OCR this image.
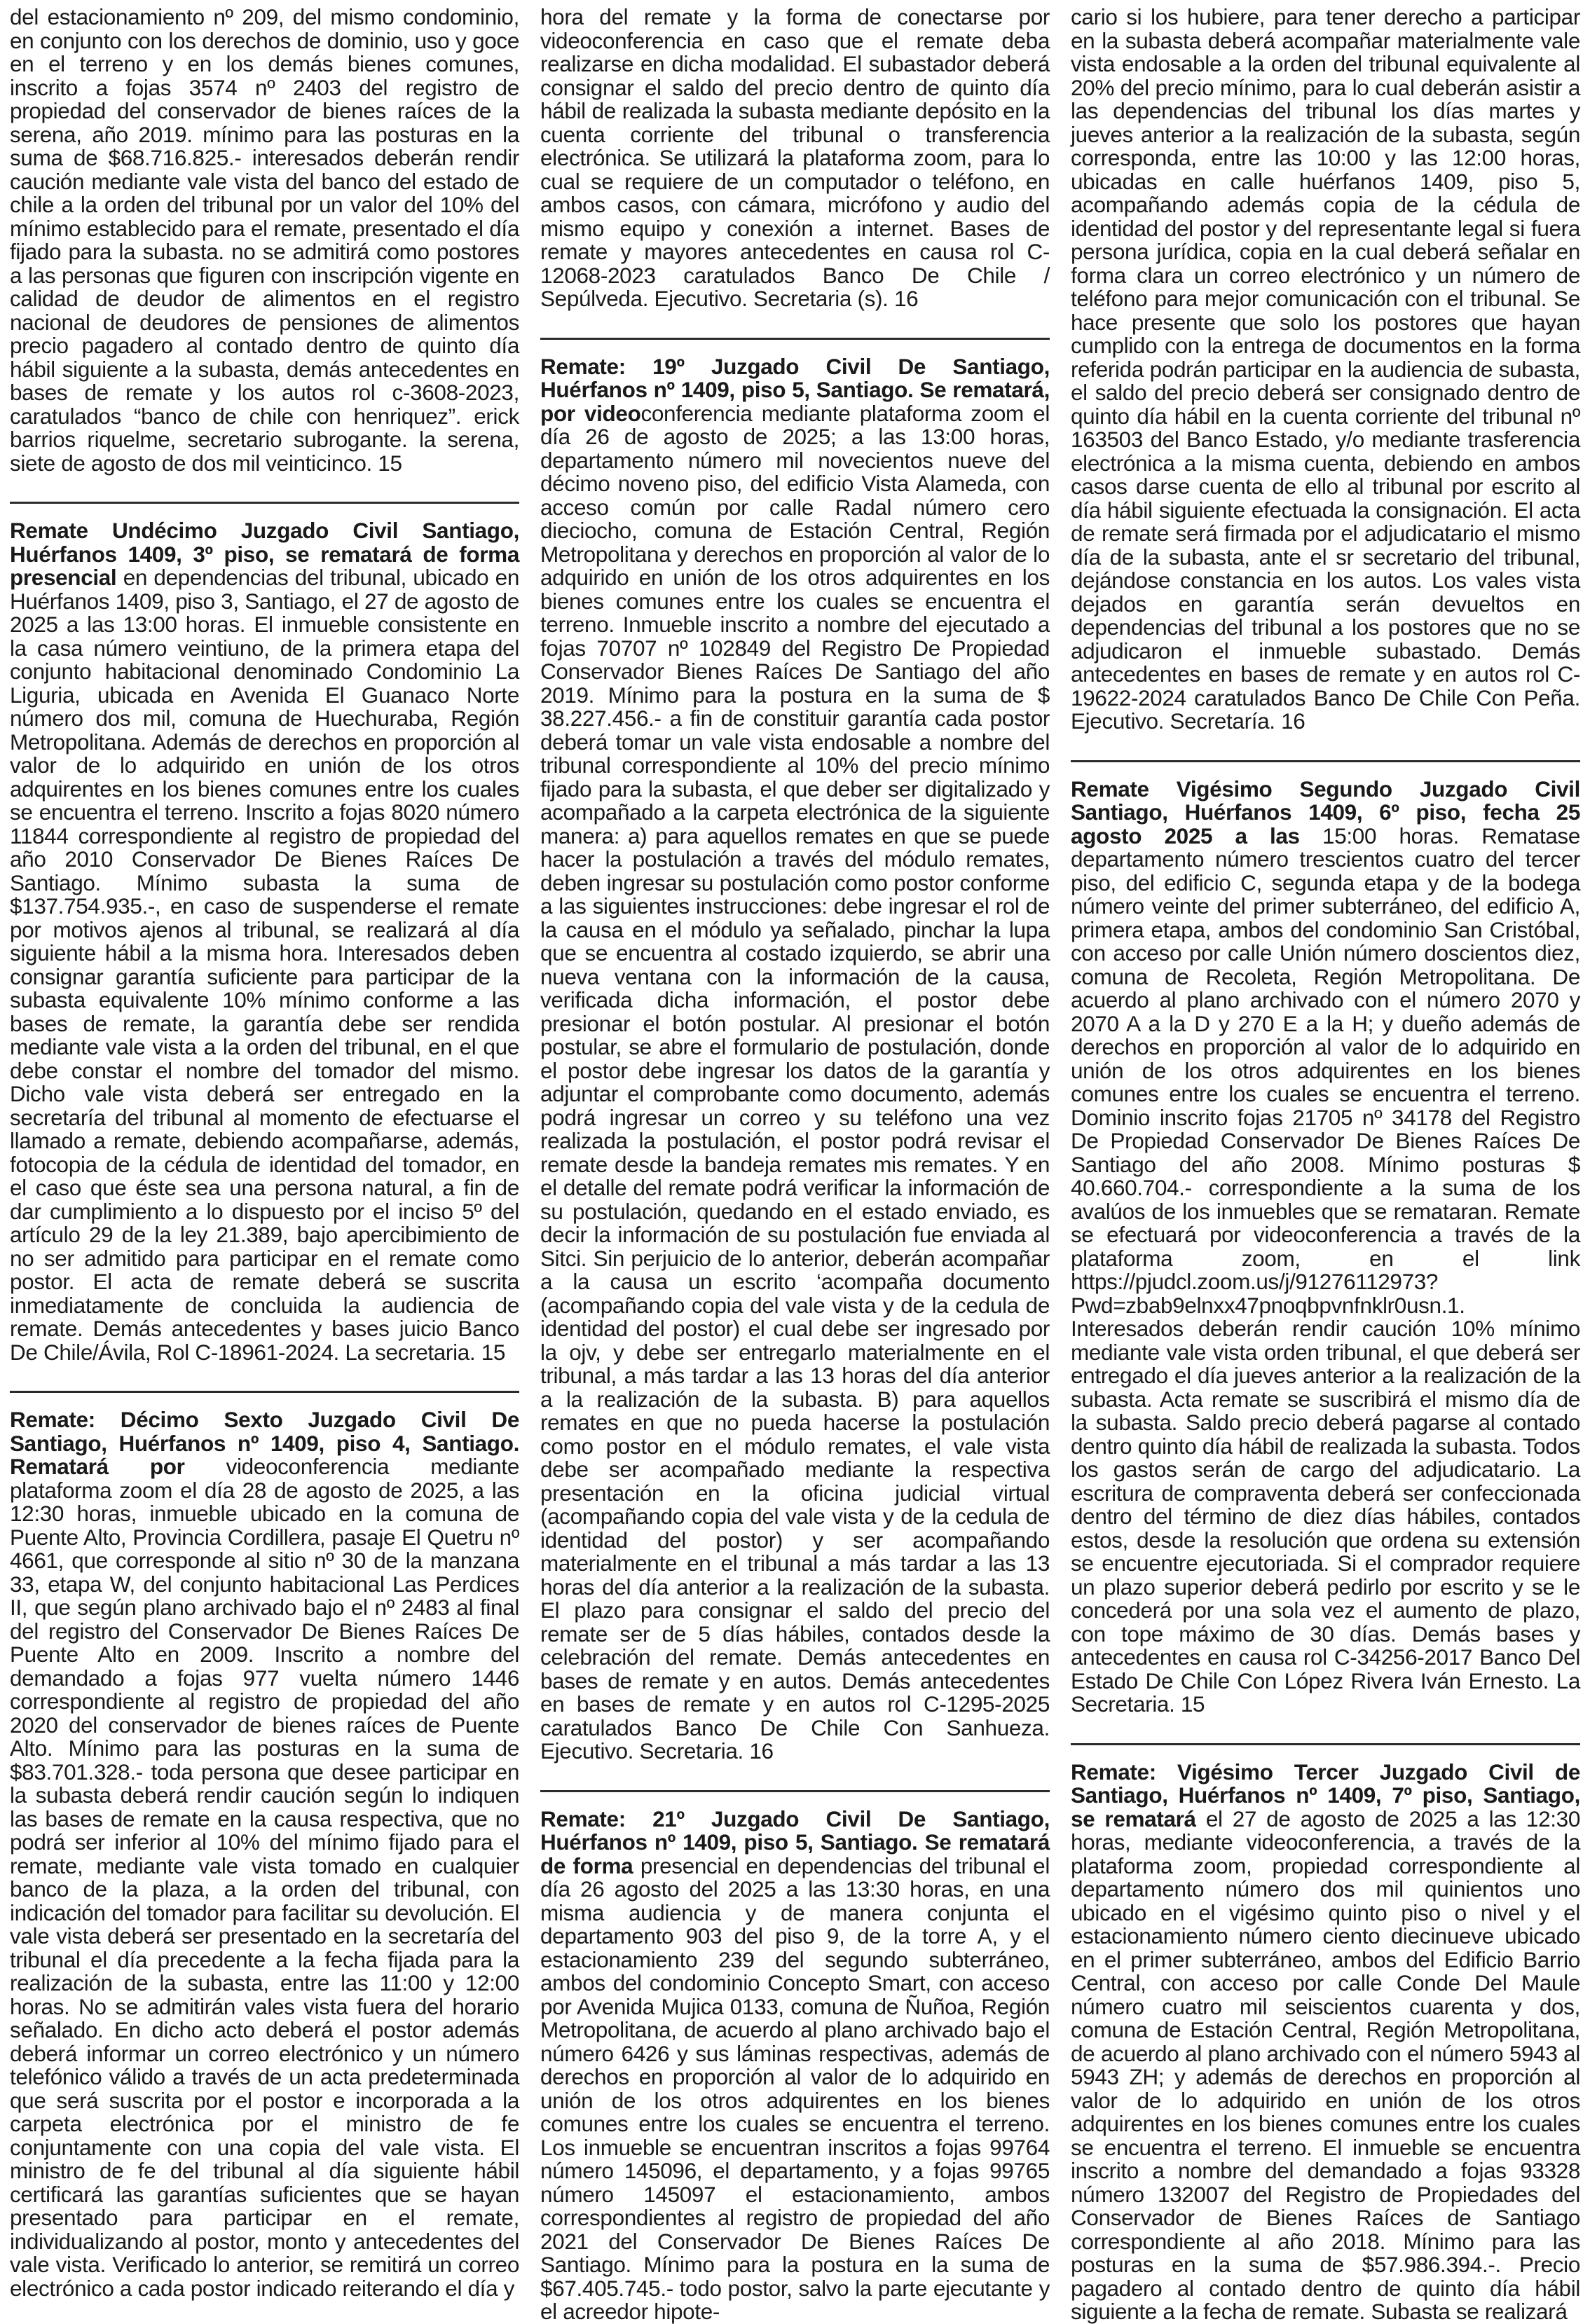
del estacionamiento nº 209, del mismo condominio, en conjunto con los derechos de dominio, uso y goce en el terreno y en los demás bienes comunes, inscrito a fojas 3574 nº 2403 del registro de propiedad del conservador de bienes raíces de la serena, año 2019. mínimo para las posturas en la suma de $68.716.825.- interesados deberán rendir caución mediante vale vista del banco del estado de chile a la orden del tribunal por un valor del 10% del mínimo establecido para el remate, presentado el día fijado para la subasta. no se admitirá como postores a las personas que figuren con inscripción vigente en calidad de deudor de alimentos en el registro nacional de deudores de pensiones de alimentos precio pagadero al contado dentro de quinto día hábil siguiente a la subasta, demás antecedentes en bases de remate y los autos rol c-3608-2023, caratulados “banco de chile con henriquez”. erick barrios riquelme, secretario subrogante. la serena, siete de agosto de dos mil veinticinco. 15

Remate Undécimo Juzgado Civil Santiago, Huérfanos 1409, 3º piso, se rematará de forma presencial en dependencias del tribunal, ubicado en Huérfanos 1409, piso 3, Santiago, el 27 de agosto de 2025 a las 13:00 horas. El inmueble consistente en la casa número veintiuno, de la primera etapa del conjunto habitacional denominado Condominio La Liguria, ubicada en Avenida El Guanaco Norte número dos mil, comuna de Huechuraba, Región Metropolitana. Además de derechos en proporción al valor de lo adquirido en unión de los otros adquirentes en los bienes comunes entre los cuales se encuentra el terreno. Inscrito a fojas 8020 número 11844 correspondiente al registro de propiedad del año 2010 Conservador De Bienes Raíces De Santiago. Mínimo subasta la suma de $137.754.935.-, en caso de suspenderse el remate por motivos ajenos al tribunal, se realizará al día siguiente hábil a la misma hora. Interesados deben consignar garantía suficiente para participar de la subasta equivalente 10% mínimo conforme a las bases de remate, la garantía debe ser rendida mediante vale vista a la orden del tribunal, en el que debe constar el nombre del tomador del mismo. Dicho vale vista deberá ser entregado en la secretaría del tribunal al momento de efectuarse el llamado a remate, debiendo acompañarse, además, fotocopia de la cédula de identidad del tomador, en el caso que éste sea una persona natural, a fin de dar cumplimiento a lo dispuesto por el inciso 5º del artículo 29 de la ley 21.389, bajo apercibimiento de no ser admitido para participar en el remate como postor. El acta de remate deberá se suscrita inmediatamente de concluida la audiencia de remate. Demás antecedentes y bases juicio Banco De Chile/Ávila, Rol C-18961-2024. La secretaria. 15

Remate: Décimo Sexto Juzgado Civil De Santiago, Huérfanos nº 1409, piso 4, Santiago. Rematará por videoconferencia mediante plataforma zoom el día 28 de agosto de 2025, a las 12:30 horas, inmueble ubicado en la comuna de Puente Alto, Provincia Cordillera, pasaje El Quetru nº 4661, que corresponde al sitio nº 30 de la manzana 33, etapa W, del conjunto habitacional Las Perdices II, que según plano archivado bajo el nº 2483 al final del registro del Conservador De Bienes Raíces De Puente Alto en 2009. Inscrito a nombre del demandado a fojas 977 vuelta número 1446 correspondiente al registro de propiedad del año 2020 del conservador de bienes raíces de Puente Alto. Mínimo para las posturas en la suma de $83.701.328.- toda persona que desee participar en la subasta deberá rendir caución según lo indiquen las bases de remate en la causa respectiva, que no podrá ser inferior al 10% del mínimo fijado para el remate, mediante vale vista tomado en cualquier banco de la plaza, a la orden del tribunal, con indicación del tomador para facilitar su devolución. El vale vista deberá ser presentado en la secretaría del tribunal el día precedente a la fecha fijada para la realización de la subasta, entre las 11:00 y 12:00 horas. No se admitirán vales vista fuera del horario señalado. En dicho acto deberá el postor además deberá informar un correo electrónico y un número telefónico válido a través de un acta predeterminada que será suscrita por el postor e incorporada a la carpeta electrónica por el ministro de fe conjuntamente con una copia del vale vista. El ministro de fe del tribunal al día siguiente hábil certificará las garantías suficientes que se hayan presentado para participar en el remate, individualizando al postor, monto y antecedentes del vale vista. Verificado lo anterior, se remitirá un correo electrónico a cada postor indicado reiterando el día y

hora del remate y la forma de conectarse por videoconferencia en caso que el remate deba realizarse en dicha modalidad. El subastador deberá consignar el saldo del precio dentro de quinto día hábil de realizada la subasta mediante depósito en la cuenta corriente del tribunal o transferencia electrónica. Se utilizará la plataforma zoom, para lo cual se requiere de un computador o teléfono, en ambos casos, con cámara, micrófono y audio del mismo equipo y conexión a internet. Bases de remate y mayores antecedentes en causa rol C-12068-2023 caratulados Banco De Chile / Sepúlveda. Ejecutivo. Secretaria (s). 16

Remate: 19º Juzgado Civil De Santiago, Huérfanos nº 1409, piso 5, Santiago. Se rematará, por videoconferencia mediante plataforma zoom el día 26 de agosto de 2025; a las 13:00 horas, departamento número mil novecientos nueve del décimo noveno piso, del edificio Vista Alameda, con acceso común por calle Radal número cero dieciocho, comuna de Estación Central, Región Metropolitana y derechos en proporción al valor de lo adquirido en unión de los otros adquirentes en los bienes comunes entre los cuales se encuentra el terreno. Inmueble inscrito a nombre del ejecutado a fojas 70707 nº 102849 del Registro De Propiedad Conservador Bienes Raíces De Santiago del año 2019. Mínimo para la postura en la suma de $ 38.227.456.- a fin de constituir garantía cada postor deberá tomar un vale vista endosable a nombre del tribunal correspondiente al 10% del precio mínimo fijado para la subasta, el que deber ser digitalizado y acompañado a la carpeta electrónica de la siguiente manera: a) para aquellos remates en que se puede hacer la postulación a través del módulo remates, deben ingresar su postulación como postor conforme a las siguientes instrucciones: debe ingresar el rol de la causa en el módulo ya señalado, pinchar la lupa que se encuentra al costado izquierdo, se abrir una nueva ventana con la información de la causa, verificada dicha información, el postor debe presionar el botón postular. Al presionar el botón postular, se abre el formulario de postulación, donde el postor debe ingresar los datos de la garantía y adjuntar el comprobante como documento, además podrá ingresar un correo y su teléfono una vez realizada la postulación, el postor podrá revisar el remate desde la bandeja remates mis remates. Y en el detalle del remate podrá verificar la información de su postulación, quedando en el estado enviado, es decir la información de su postulación fue enviada al Sitci. Sin perjuicio de lo anterior, deberán acompañar a la causa un escrito ‘acompaña documento (acompañando copia del vale vista y de la cedula de identidad del postor) el cual debe ser ingresado por la ojv, y debe ser entregarlo materialmente en el tribunal, a más tardar a las 13 horas del día anterior a la realización de la subasta. B) para aquellos remates en que no pueda hacerse la postulación como postor en el módulo remates, el vale vista debe ser acompañado mediante la respectiva presentación en la oficina judicial virtual (acompañando copia del vale vista y de la cedula de identidad del postor) y ser acompañando materialmente en el tribunal a más tardar a las 13 horas del día anterior a la realización de la subasta. El plazo para consignar el saldo del precio del remate ser de 5 días hábiles, contados desde la celebración del remate. Demás antecedentes en bases de remate y en autos. Demás antecedentes en bases de remate y en autos rol C-1295-2025 caratulados Banco De Chile Con Sanhueza. Ejecutivo. Secretaria. 16

Remate: 21º Juzgado Civil De Santiago, Huérfanos nº 1409, piso 5, Santiago. Se rematará de forma presencial en dependencias del tribunal el día 26 agosto del 2025 a las 13:30 horas, en una misma audiencia y de manera conjunta el departamento 903 del piso 9, de la torre A, y el estacionamiento 239 del segundo subterráneo, ambos del condominio Concepto Smart, con acceso por Avenida Mujica 0133, comuna de Ñuñoa, Región Metropolitana, de acuerdo al plano archivado bajo el número 6426 y sus láminas respectivas, además de derechos en proporción al valor de lo adquirido en unión de los otros adquirentes en los bienes comunes entre los cuales se encuentra el terreno. Los inmueble se encuentran inscritos a fojas 99764 número 145096, el departamento, y a fojas 99765 número 145097 el estacionamiento, ambos correspondientes al registro de propiedad del año 2021 del Conservador De Bienes Raíces De Santiago. Mínimo para la postura en la suma de $67.405.745.- todo postor, salvo la parte ejecutante y el acreedor hipote-

cario si los hubiere, para tener derecho a participar en la subasta deberá acompañar materialmente vale vista endosable a la orden del tribunal equivalente al 20% del precio mínimo, para lo cual deberán asistir a las dependencias del tribunal los días martes y jueves anterior a la realización de la subasta, según corresponda, entre las 10:00 y las 12:00 horas, ubicadas en calle huérfanos 1409, piso 5, acompañando además copia de la cédula de identidad del postor y del representante legal si fuera persona jurídica, copia en la cual deberá señalar en forma clara un correo electrónico y un número de teléfono para mejor comunicación con el tribunal. Se hace presente que solo los postores que hayan cumplido con la entrega de documentos en la forma referida podrán participar en la audiencia de subasta, el saldo del precio deberá ser consignado dentro de quinto día hábil en la cuenta corriente del tribunal nº 163503 del Banco Estado, y/o mediante trasferencia electrónica a la misma cuenta, debiendo en ambos casos darse cuenta de ello al tribunal por escrito al día hábil siguiente efectuada la consignación. El acta de remate será firmada por el adjudicatario el mismo día de la subasta, ante el sr secretario del tribunal, dejándose constancia en los autos. Los vales vista dejados en garantía serán devueltos en dependencias del tribunal a los postores que no se adjudicaron el inmueble subastado. Demás antecedentes en bases de remate y en autos rol C-19622-2024 caratulados Banco De Chile Con Peña. Ejecutivo. Secretaría. 16

Remate Vigésimo Segundo Juzgado Civil Santiago, Huérfanos 1409, 6º piso, fecha 25 agosto 2025 a las 15:00 horas. Rematase departamento número trescientos cuatro del tercer piso, del edificio C, segunda etapa y de la bodega número veinte del primer subterráneo, del edificio A, primera etapa, ambos del condominio San Cristóbal, con acceso por calle Unión número doscientos diez, comuna de Recoleta, Región Metropolitana. De acuerdo al plano archivado con el número 2070 y 2070 A a la D y 270 E a la H; y dueño además de derechos en proporción al valor de lo adquirido en unión de los otros adquirentes en los bienes comunes entre los cuales se encuentra el terreno. Dominio inscrito fojas 21705 nº 34178 del Registro De Propiedad Conservador De Bienes Raíces De Santiago del año 2008. Mínimo posturas $ 40.660.704.- correspondiente a la suma de los avalúos de los inmuebles que se remataran. Remate se efectuará por videoconferencia a través de la plataforma zoom, en el link https://pjudcl.zoom.us/j/91276112973?Pwd=zbab9elnxx47pnoqbpvnfnklr0usn.1. Interesados deberán rendir caución 10% mínimo mediante vale vista orden tribunal, el que deberá ser entregado el día jueves anterior a la realización de la subasta. Acta remate se suscribirá el mismo día de la subasta. Saldo precio deberá pagarse al contado dentro quinto día hábil de realizada la subasta. Todos los gastos serán de cargo del adjudicatario. La escritura de compraventa deberá ser confeccionada dentro del término de diez días hábiles, contados estos, desde la resolución que ordena su extensión se encuentre ejecutoriada. Si el comprador requiere un plazo superior deberá pedirlo por escrito y se le concederá por una sola vez el aumento de plazo, con tope máximo de 30 días. Demás bases y antecedentes en causa rol C-34256-2017 Banco Del Estado De Chile Con López Rivera Iván Ernesto. La Secretaria. 15

Remate: Vigésimo Tercer Juzgado Civil de Santiago, Huérfanos nº 1409, 7º piso, Santiago, se rematará el 27 de agosto de 2025 a las 12:30 horas, mediante videoconferencia, a través de la plataforma zoom, propiedad correspondiente al departamento número dos mil quinientos uno ubicado en el vigésimo quinto piso o nivel y el estacionamiento número ciento diecinueve ubicado en el primer subterráneo, ambos del Edificio Barrio Central, con acceso por calle Conde Del Maule número cuatro mil seiscientos cuarenta y dos, comuna de Estación Central, Región Metropolitana, de acuerdo al plano archivado con el número 5943 al 5943 ZH; y además de derechos en proporción al valor de lo adquirido en unión de los otros adquirentes en los bienes comunes entre los cuales se encuentra el terreno. El inmueble se encuentra inscrito a nombre del demandado a fojas 93328 número 132007 del Registro de Propiedades del Conservador de Bienes Raíces de Santiago correspondiente al año 2018. Mínimo para las posturas en la suma de $57.986.394.-. Precio pagadero al contado dentro de quinto día hábil siguiente a la fecha de remate. Subasta se realizará
